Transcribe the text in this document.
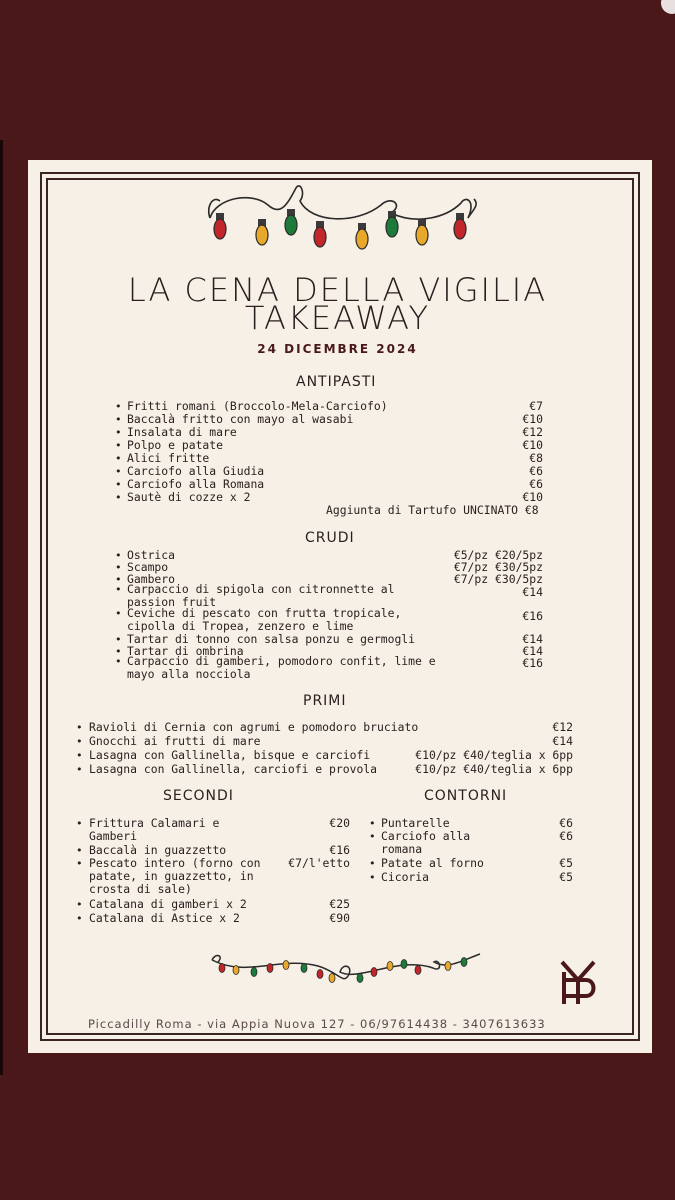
LA CENA DELLA VIGILIA
TAKEAWAY
24 DICEMBRE 2024
ANTIPASTI
• Fritti romani (Broccolo-Mela-Carciofo)	€7
• Baccalà fritto con mayo al wasabi	€10
• Insalata di mare	€12
• Polpo e patate	€10
• Alici fritte	€8
• Carciofo alla Giudia	€6
• Carciofo alla Romana	€6
• Sautè di cozze x 2	€10
Aggiunta di Tartufo UNCINATO €8
CRUDI
• Ostrica	€5/pz €20/5pz
• Scampo	€7/pz €30/5pz
• Gambero	€7/pz €30/5pz
• Carpaccio di spigola con citronnette al
passion fruit
€14
• Ceviche di pescato con frutta tropicale,
cipolla di Tropea, zenzero e lime
€16
• Tartar di tonno con salsa ponzu e germogli	€14
• Tartar di ombrina	€14
• Carpaccio di gamberi, pomodoro confit, lime e
mayo alla nocciola
€16
PRIMI
• Ravioli di Cernia con agrumi e pomodoro bruciato	€12
• Gnocchi ai frutti di mare	€14
• Lasagna con Gallinella, bisque e carciofi	€10/pz €40/teglia x 6pp
• Lasagna con Gallinella, carciofi e provola	€10/pz €40/teglia x 6pp
SECONDI	CONTORNI
• Frittura Calamari e
Gamberi
€20
• Baccalà in guazzetto	€16
• Pescato intero (forno con
patate, in guazzetto, in
crosta di sale)
€7/l'etto
• Catalana di gamberi x 2	€25
• Catalana di Astice x 2	€90
• Puntarelle	€6
• Carciofo alla
romana
€6
• Patate al forno	€5
• Cicoria	€5
Piccadilly Roma - via Appia Nuova 127 - 06/97614438 - 3407613633
